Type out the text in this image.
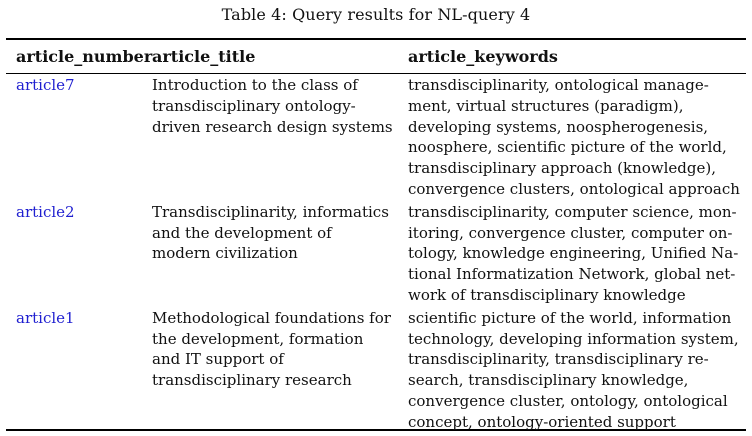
Table 4: Query results for NL-query 4
article_number	article_title	article_keywords
article7	Introduction to the class of transdisciplinary ontology-driven research design systems	transdisciplinarity, ontological management, virtual structures (paradigm), developing systems, noospherogenesis, noosphere, scientific picture of the world, transdisciplinary approach (knowledge), convergence clusters, ontological approach
article2	Transdisciplinarity, informatics and the development of modern civilization	transdisciplinarity, computer science, monitoring, convergence cluster, computer ontology, knowledge engineering, Unified National Informatization Network, global network of transdisciplinary knowledge
article1	Methodological foundations for the development, formation and IT support of transdisciplinary research	scientific picture of the world, information technology, developing information system, transdisciplinarity, transdisciplinary research, transdisciplinary knowledge, convergence cluster, ontology, ontological concept, ontology-oriented support
